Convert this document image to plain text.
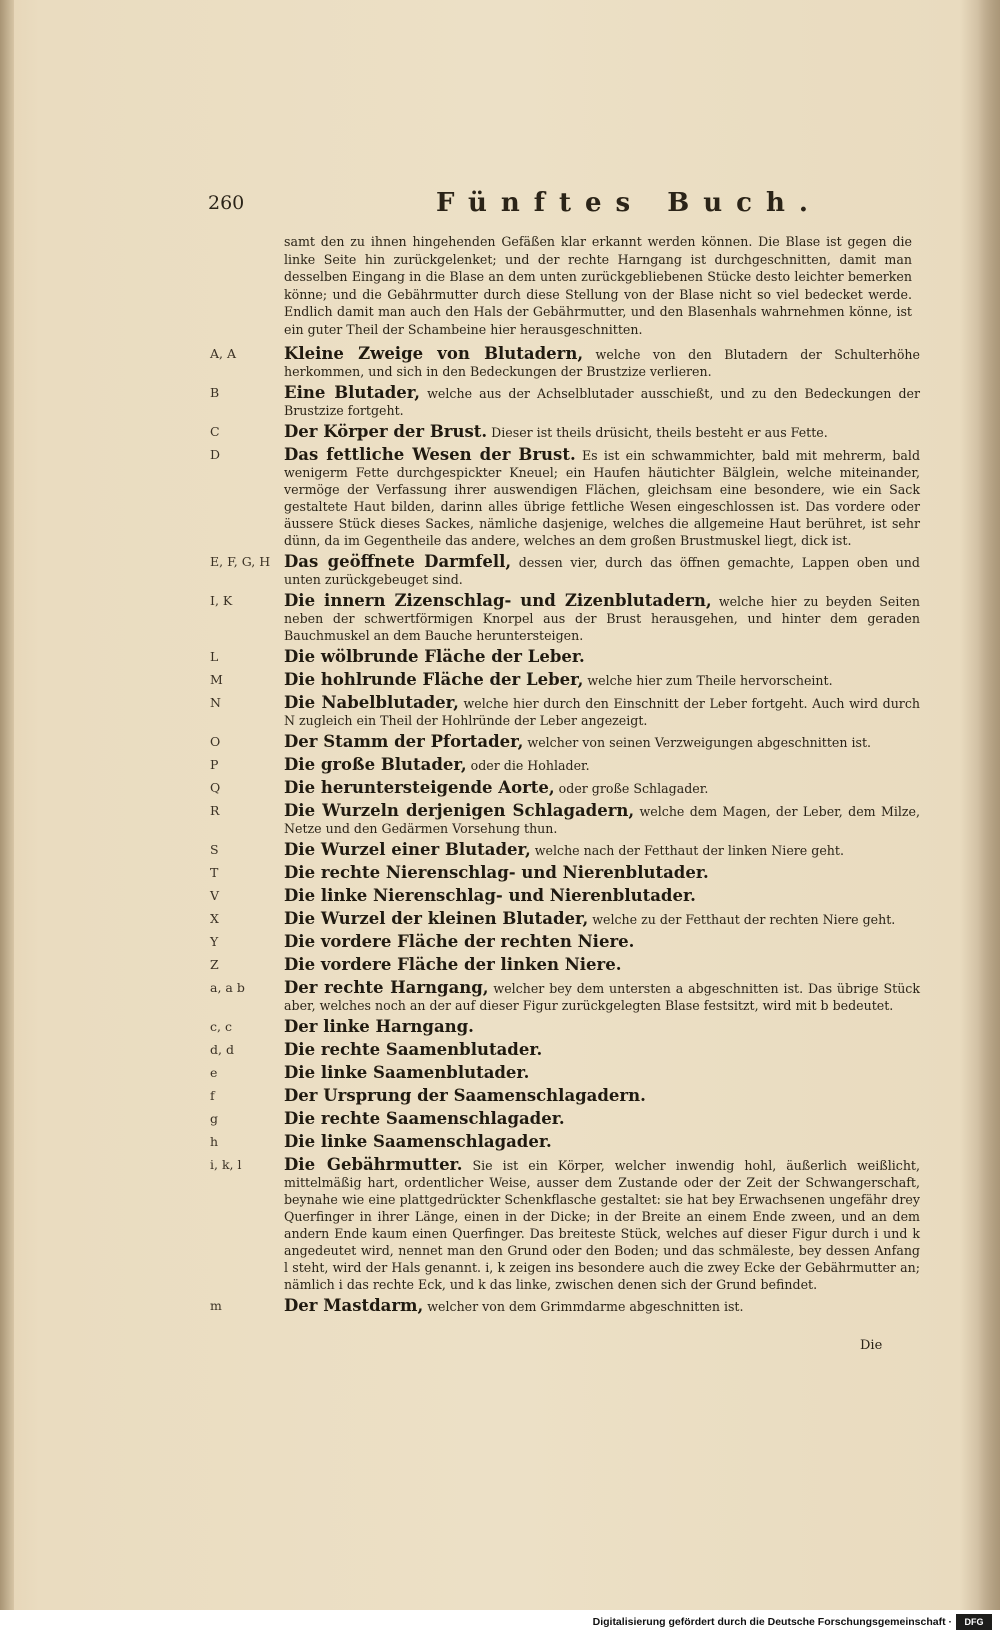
260	Fünftes Buch.
samt den zu ihnen hingehenden Gefäßen klar erkannt werden können. Die Blase ist gegen die linke Seite hin zurückgelenket; und der rechte Harngang ist durchgeschnitten, damit man desselben Eingang in die Blase an dem unten zurückgebliebenen Stücke desto leichter bemerken könne; und die Gebährmutter durch diese Stellung von der Blase nicht so viel bedecket werde. Endlich damit man auch den Hals der Gebährmutter, und den Blasenhals wahrnehmen könne, ist ein guter Theil der Schambeine hier herausgeschnitten.
A, A	Kleine Zweige von Blutadern, welche von den Blutadern der Schulterhöhe herkommen, und sich in den Bedeckungen der Brustzize verlieren.
B	Eine Blutader, welche aus der Achselblutader ausschießt, und zu den Bedeckungen der Brustzize fortgeht.
C	Der Körper der Brust. Dieser ist theils drüsicht, theils besteht er aus Fette.
D	Das fettliche Wesen der Brust. Es ist ein schwammichter, bald mit mehrerm, bald wenigerm Fette durchgespickter Kneuel; ein Haufen häutichter Bälglein, welche miteinander, vermöge der Verfassung ihrer auswendigen Flächen, gleichsam eine besondere, wie ein Sack gestaltete Haut bilden, darinn alles übrige fettliche Wesen eingeschlossen ist. Das vordere oder äussere Stück dieses Sackes, nämliche dasjenige, welches die allgemeine Haut berühret, ist sehr dünn, da im Gegentheile das andere, welches an dem großen Brustmuskel liegt, dick ist.
E, F, G, H Das geöffnete Darmfell, dessen vier, durch das öffnen gemachte, Lappen oben und unten zurückgebeuget sind.
I, K	Die innern Zizenschlag- und Zizenblutadern, welche hier zu beyden Seiten neben der schwertförmigen Knorpel aus der Brust herausgehen, und hinter dem geraden Bauchmuskel an dem Bauche heruntersteigen.
L	Die wölbrunde Fläche der Leber.
M	Die hohlrunde Fläche der Leber, welche hier zum Theile hervorscheint.
N	Die Nabelblutader, welche hier durch den Einschnitt der Leber fortgeht. Auch wird durch N zugleich ein Theil der Hohlründe der Leber angezeigt.
O	Der Stamm der Pfortader, welcher von seinen Verzweigungen abgeschnitten ist.
P	Die große Blutader, oder die Hohlader.
Q	Die heruntersteigende Aorte, oder große Schlagader.
R	Die Wurzeln derjenigen Schlagadern, welche dem Magen, der Leber, dem Milze, Netze und den Gedärmen Vorsehung thun.
S	Die Wurzel einer Blutader, welche nach der Fetthaut der linken Niere geht.
T	Die rechte Nierenschlag- und Nierenblutader.
V	Die linke Nierenschlag- und Nierenblutader.
X	Die Wurzel der kleinen Blutader, welche zu der Fetthaut der rechten Niere geht.
Y	Die vordere Fläche der rechten Niere.
Z	Die vordere Fläche der linken Niere.
a, a b	Der rechte Harngang, welcher bey dem untersten a abgeschnitten ist. Das übrige Stück aber, welches noch an der auf dieser Figur zurückgelegten Blase festsitzt, wird mit b bedeutet.
c, c	Der linke Harngang.
d, d	Die rechte Saamenblutader.
e	Die linke Saamenblutader.
f	Der Ursprung der Saamenschlagadern.
g	Die rechte Saamenschlagader.
h	Die linke Saamenschlagader.
i, k, l	Die Gebährmutter. Sie ist ein Körper, welcher inwendig hohl, äußerlich weißlicht, mittelmäßig hart, ordentlicher Weise, ausser dem Zustande oder der Zeit der Schwangerschaft, beynahe wie eine plattgedrückter Schenkflasche gestaltet: sie hat bey Erwachsenen ungefähr drey Querfinger in ihrer Länge, einen in der Dicke; in der Breite an einem Ende zween, und an dem andern Ende kaum einen Querfinger. Das breiteste Stück, welches auf dieser Figur durch i und k angedeutet wird, nennet man den Grund oder den Boden; und das schmäleste, bey dessen Anfang l steht, wird der Hals genannt. i, k zeigen ins besondere auch die zwey Ecke der Gebährmutter an; nämlich i das rechte Eck, und k das linke, zwischen denen sich der Grund befindet.
m	Der Mastdarm, welcher von dem Grimmdarme abgeschnitten ist.
Die
Digitalisierung gefördert durch die Deutsche Forschungsgemeinschaft ·	DFG
